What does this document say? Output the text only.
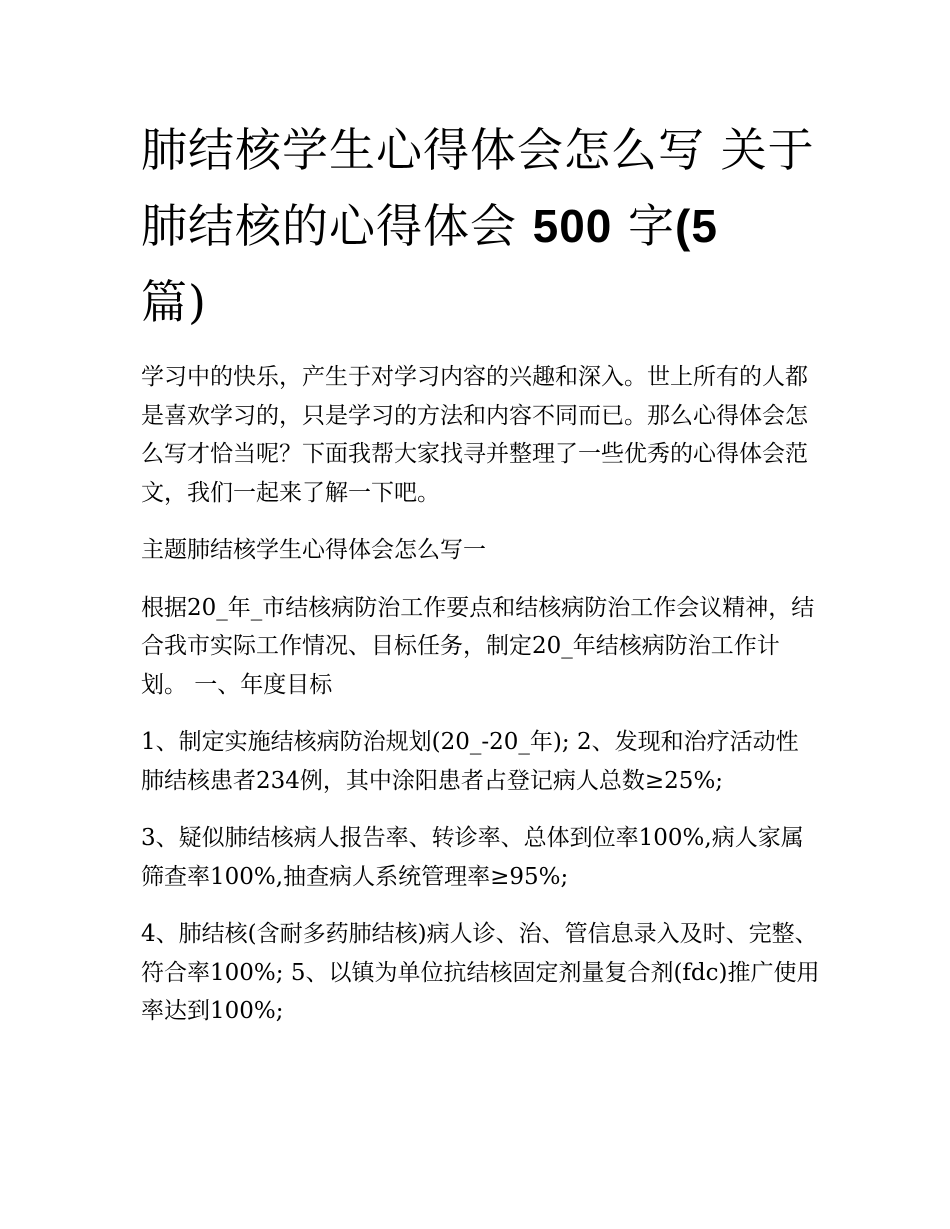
肺结核学生心得体会怎么写 关于肺结核的心得体会 500 字(5
篇)

学习中的快乐，产生于对学习内容的兴趣和深入。世上所有的人都是喜欢学习的，只是学习的方法和内容不同而已。那么心得体会怎么写才恰当呢？下面我帮大家找寻并整理了一些优秀的心得体会范文，我们一起来了解一下吧。

主题肺结核学生心得体会怎么写一

根据20_年_市结核病防治工作要点和结核病防治工作会议精神，结合我市实际工作情况、目标任务，制定20_年结核病防治工作计划。 一、年度目标

1、制定实施结核病防治规划(20_-20_年); 2、发现和治疗活动性肺结核患者234例，其中涂阳患者占登记病人总数≥25%;

3、疑似肺结核病人报告率、转诊率、总体到位率100%,病人家属筛查率100%,抽查病人系统管理率≥95%;

4、肺结核(含耐多药肺结核)病人诊、治、管信息录入及时、完整、符合率100%; 5、以镇为单位抗结核固定剂量复合剂(fdc)推广使用率达到100%;
